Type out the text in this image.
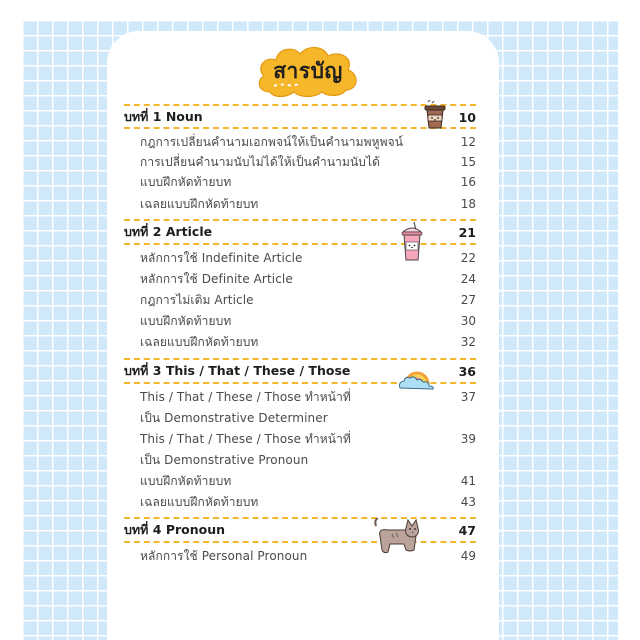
สารบัญ
บทที่ 1 Noun	10
กฎการเปลี่ยนคำนามเอกพจน์ให้เป็นคำนามพหูพจน์	12
การเปลี่ยนคำนามนับไม่ได้ให้เป็นคำนามนับได้	15
แบบฝึกหัดท้ายบท	16
เฉลยแบบฝึกหัดท้ายบท	18
บทที่ 2 Article	21
หลักการใช้ Indefinite Article	22
หลักการใช้ Definite Article	24
กฎการไม่เติม Article	27
แบบฝึกหัดท้ายบท	30
เฉลยแบบฝึกหัดท้ายบท	32
บทที่ 3 This / That / These / Those	36
This / That / These / Those ทำหน้าที่	37
เป็น Demonstrative Determiner
This / That / These / Those ทำหน้าที่	39
เป็น Demonstrative Pronoun
แบบฝึกหัดท้ายบท	41
เฉลยแบบฝึกหัดท้ายบท	43
บทที่ 4 Pronoun	47
หลักการใช้ Personal Pronoun	49
